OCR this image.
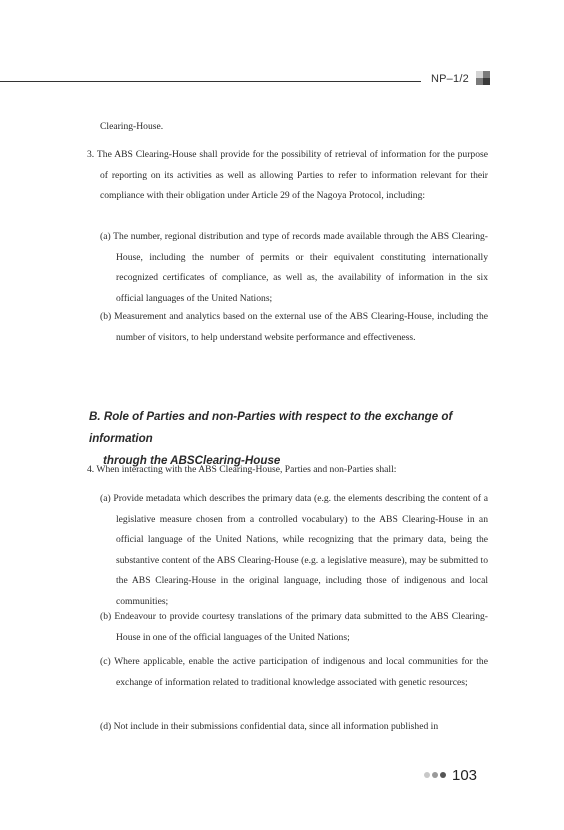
NP–1/2

Clearing-House.

3. The ABS Clearing-House shall provide for the possibility of retrieval of information for the purpose of reporting on its activities as well as allowing Parties to refer to information relevant for their compliance with their obligation under Article 29 of the Nagoya Protocol, including:

(a) The number, regional distribution and type of records made available through the ABS Clearing-House, including the number of permits or their equivalent constituting internationally recognized certificates of compliance, as well as, the availability of information in the six official languages of the United Nations;

(b) Measurement and analytics based on the external use of the ABS Clearing-House, including the number of visitors, to help understand website performance and effectiveness.

B. Role of Parties and non-Parties with respect to the exchange of information
through the ABSClearing-House

4. When interacting with the ABS Clearing-House, Parties and non-Parties shall:

(a) Provide metadata which describes the primary data (e.g. the elements describing the content of a legislative measure chosen from a controlled vocabulary) to the ABS Clearing-House in an official language of the United Nations, while recognizing that the primary data, being the substantive content of the ABS Clearing-House (e.g. a legislative measure), may be submitted to the ABS Clearing-House in the original language, including those of indigenous and local communities;

(b) Endeavour to provide courtesy translations of the primary data submitted to the ABS Clearing-House in one of the official languages of the United Nations;

(c) Where applicable, enable the active participation of indigenous and local communities for the exchange of information related to traditional knowledge associated with genetic resources;

(d) Not include in their submissions confidential data, since all information published in

103
